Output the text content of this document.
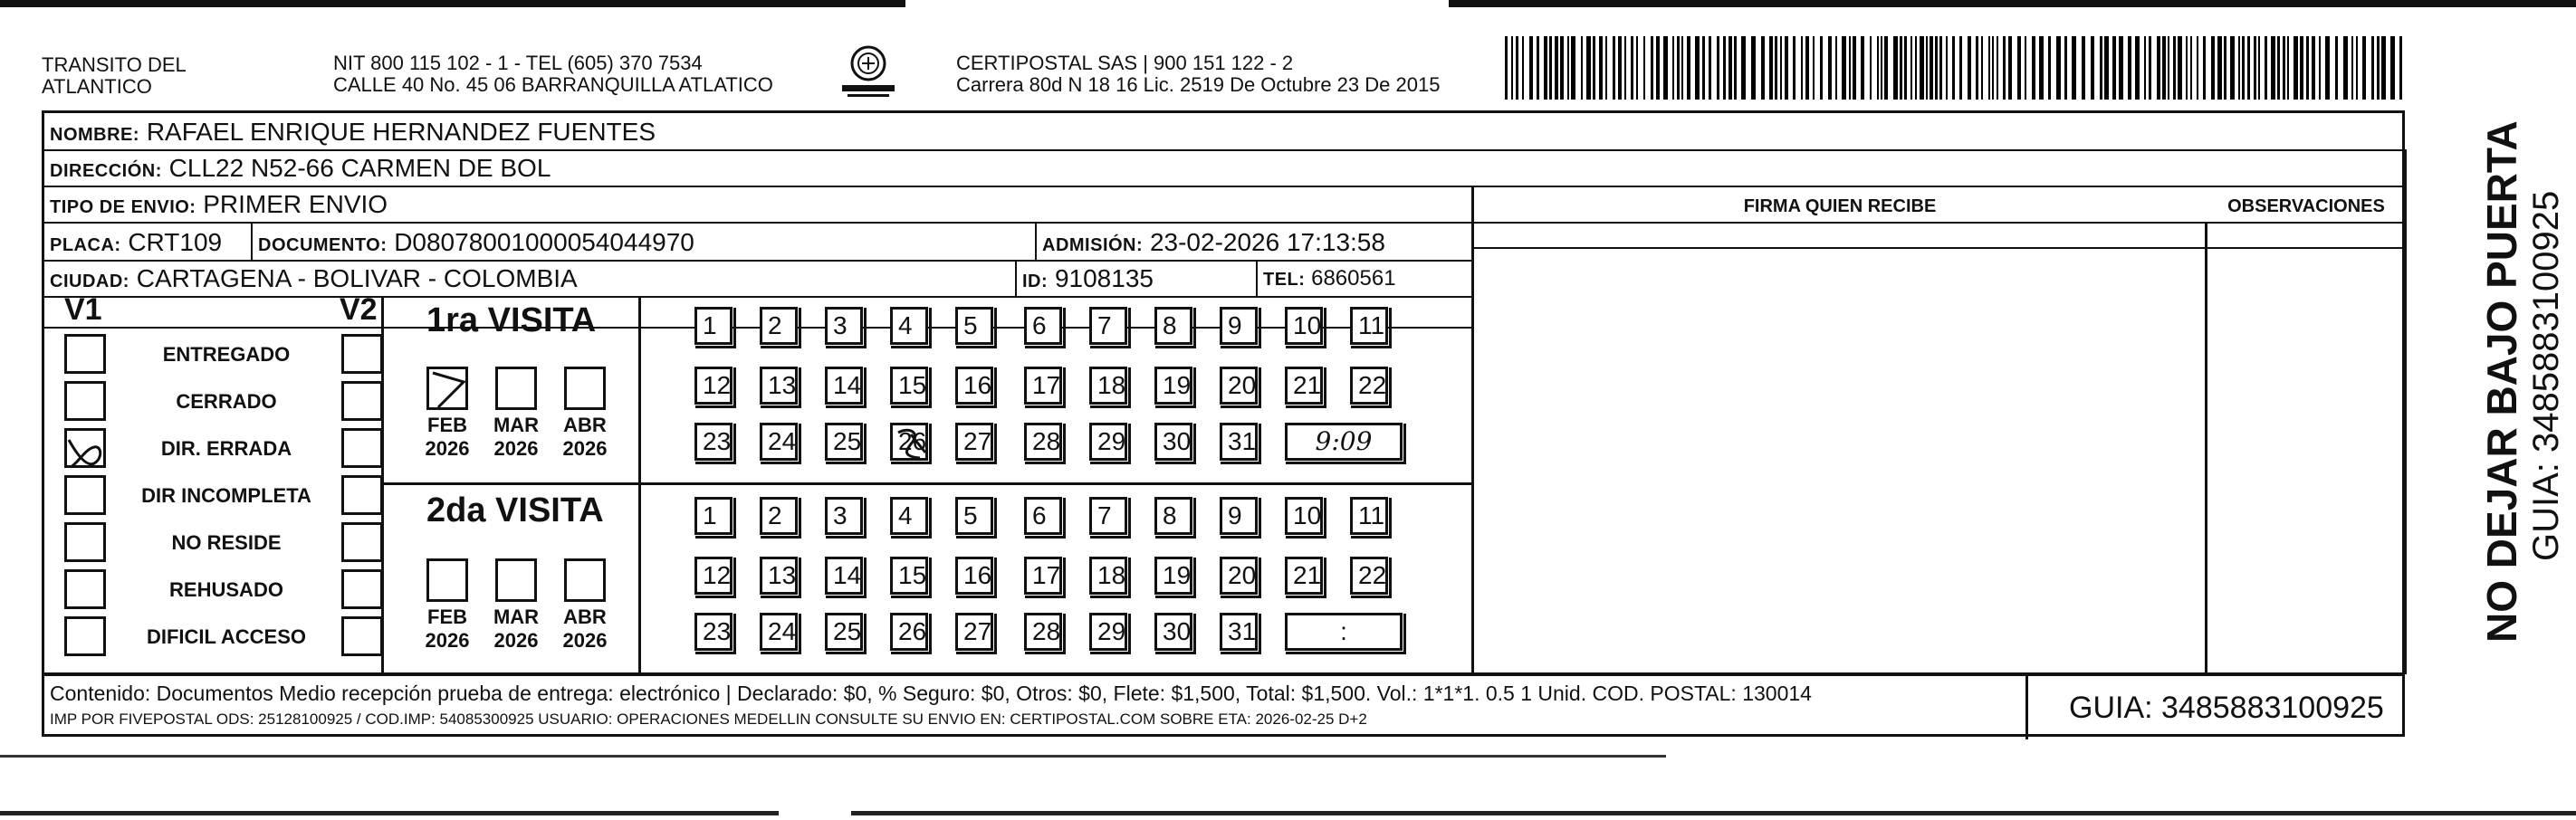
TRANSITO DEL
ATLANTICO
NIT 800 115 102 - 1 - TEL (605) 370 7534
CALLE 40 No. 45 06 BARRANQUILLA ATLATICO
CERTIPOSTAL SAS | 900 151 122 - 2
Carrera 80d N 18 16 Lic. 2519 De Octubre 23 De 2015
NOMBRE: RAFAEL ENRIQUE HERNANDEZ FUENTES
DIRECCIÓN: CLL22 N52-66 CARMEN DE BOL
TIPO DE ENVIO: PRIMER ENVIO
PLACA: CRT109 DOCUMENTO: D08078001000054044970	ADMISIÓN: 23-02-2026 17:13:58
CIUDAD: CARTAGENA - BOLIVAR - COLOMBIA	ID: 9108135	TEL: 6860561
FIRMA QUIEN RECIBE	OBSERVACIONES
V1	V2
ENTREGADO
CERRADO
DIR. ERRADA
DIR INCOMPLETA
NO RESIDE
REHUSADO
DIFICIL ACCESO
1ra VISITA
2da VISITA
FEB
2026
MAR
2026
ABR
2026
FEB
2026
MAR
2026
ABR
2026
1	2	3	4	5	6	7	8	9	10	11
12	13	14	15	16	17	18	19	20	21	22
23	24	25	26	27	28	29	30	31	9:09
1	2	3	4	5	6	7	8	9	10	11
12	13	14	15	16	17	18	19	20	21	22
23	24	25	26	27	28	29	30	31	:
Contenido: Documentos Medio recepción prueba de entrega: electrónico | Declarado: $0, % Seguro: $0, Otros: $0, Flete: $1,500, Total: $1,500. Vol.: 1*1*1. 0.5 1 Unid. COD. POSTAL: 130014
IMP POR FIVEPOSTAL ODS: 25128100925 / COD.IMP: 54085300925 USUARIO: OPERACIONES MEDELLIN CONSULTE SU ENVIO EN: CERTIPOSTAL.COM SOBRE ETA: 2026-02-25 D+2	GUIA: 3485883100925
NO DEJAR BAJO PUERTA GUIA: 3485883100925
